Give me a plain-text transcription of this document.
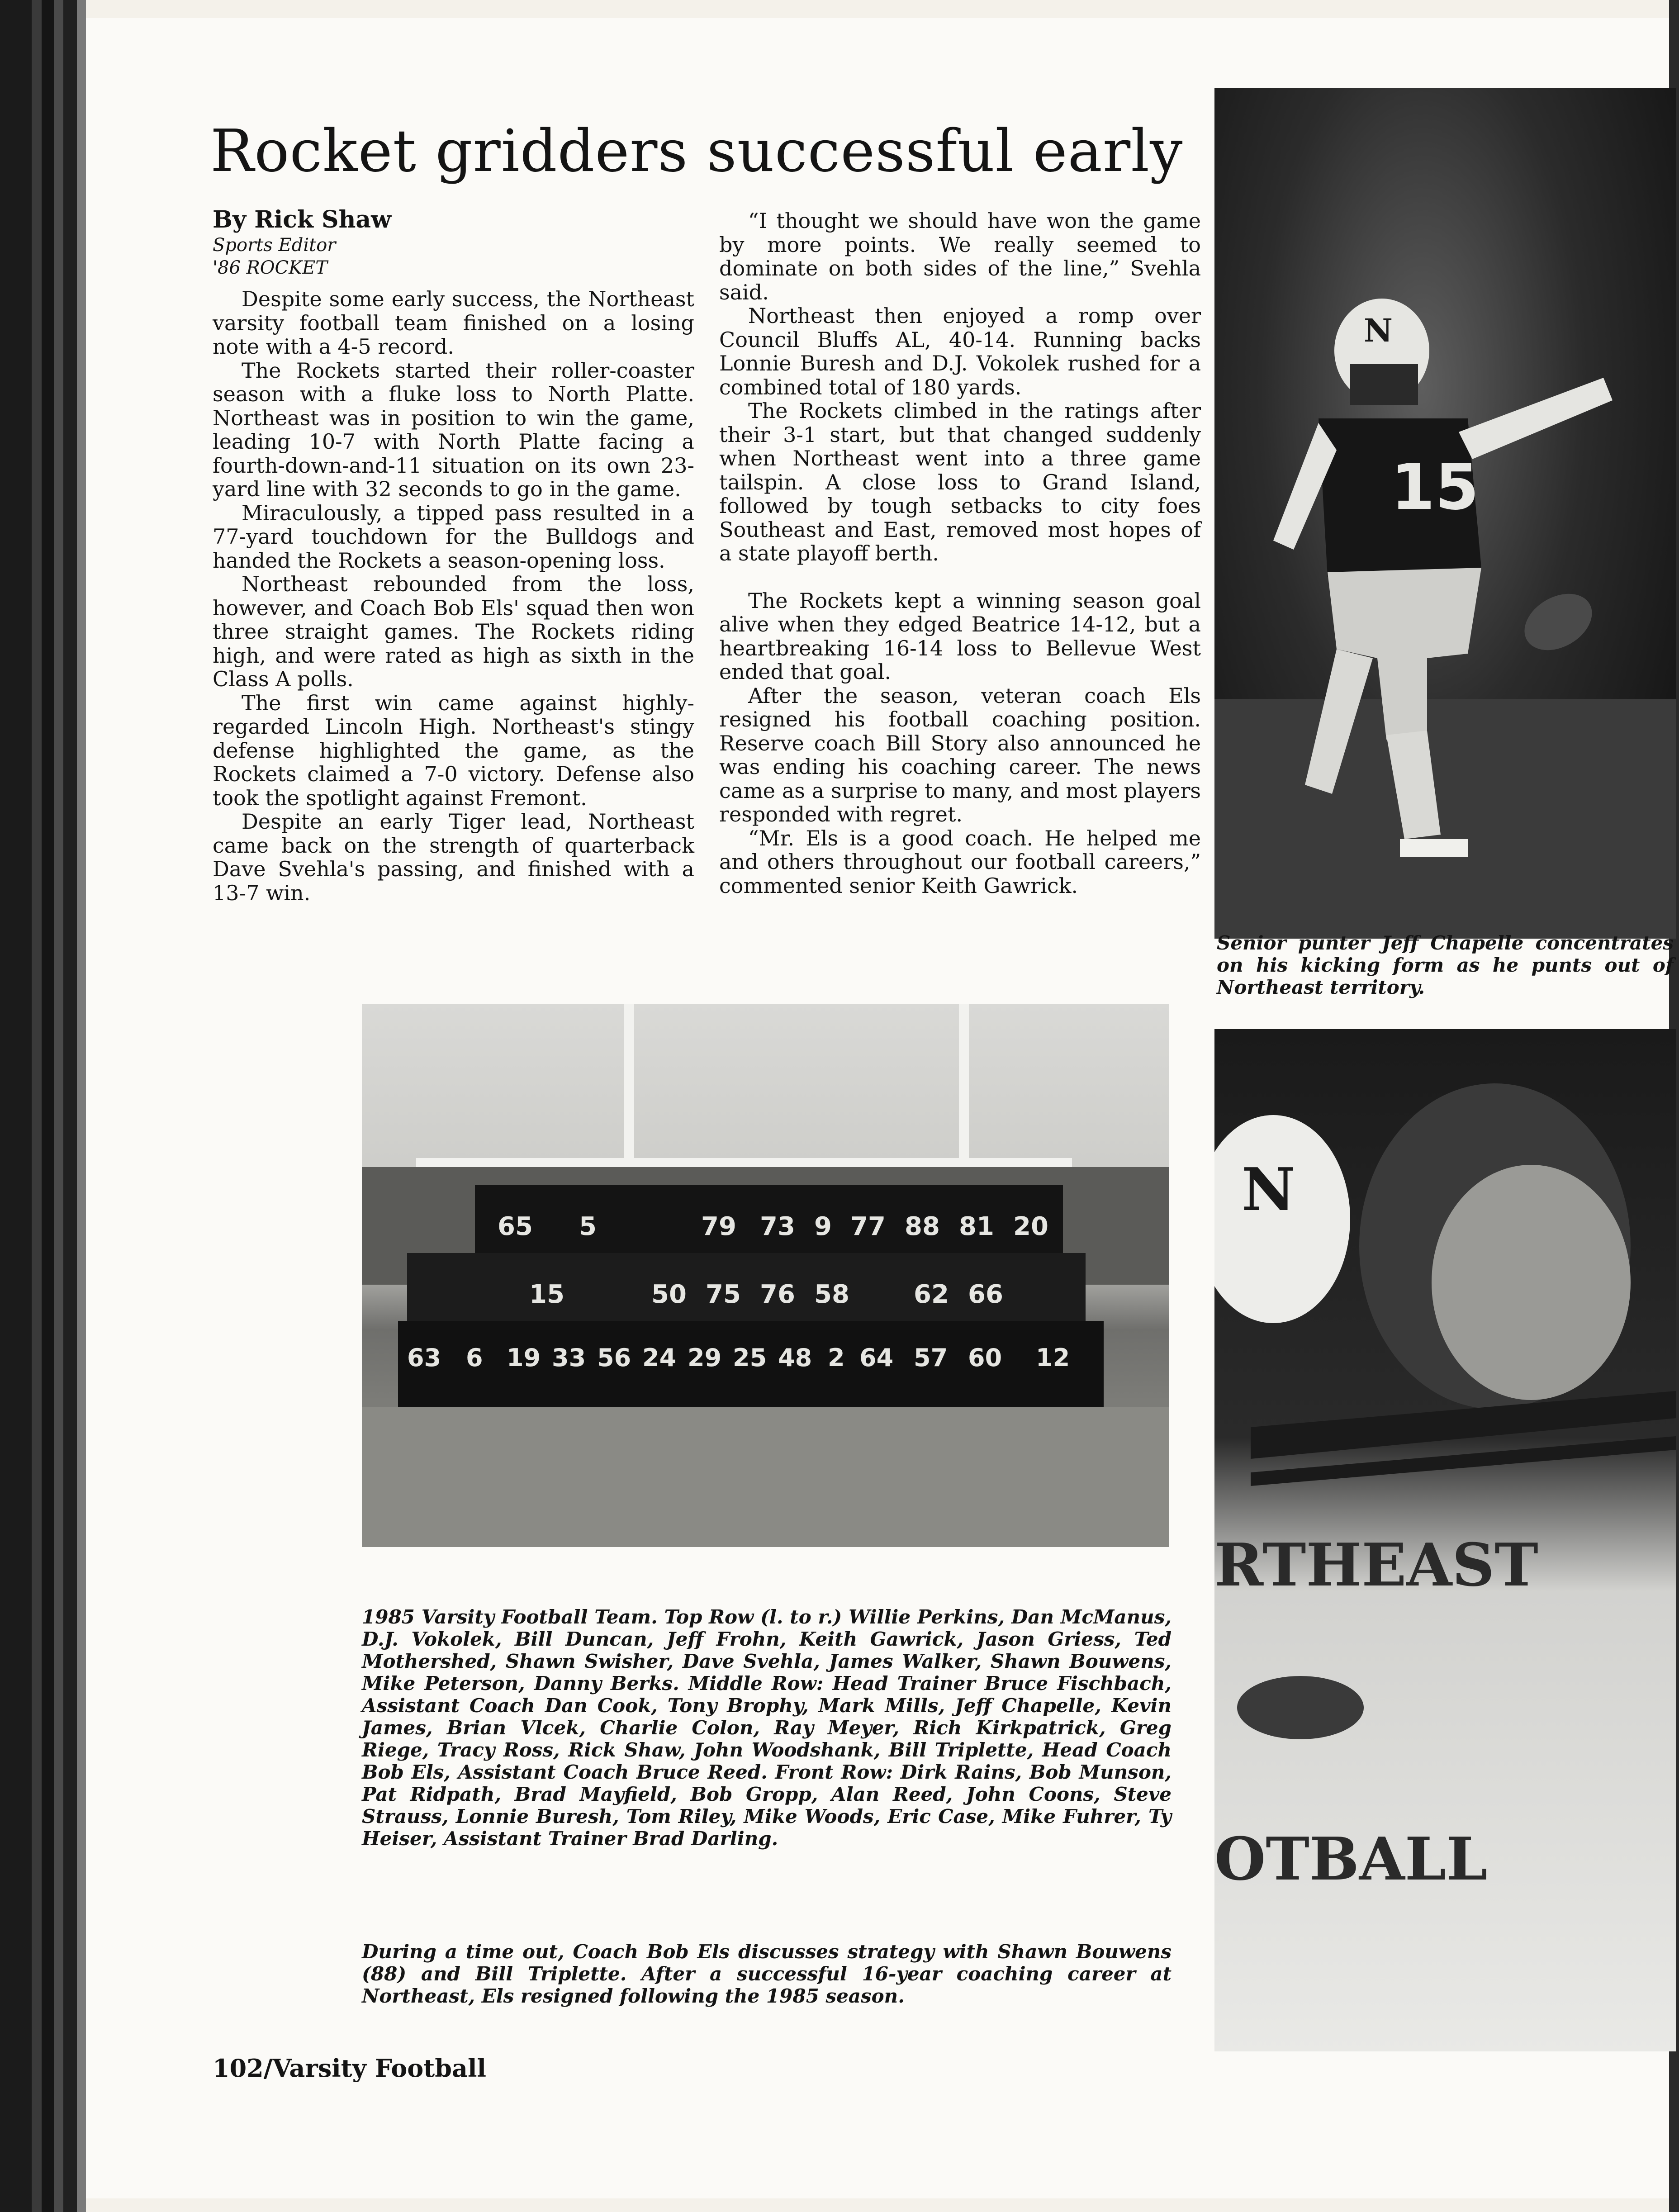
Rocket gridders successful early
By Rick Shaw
Sports Editor
'86 ROCKET

Despite some early success, the Northeast varsity football team finished on a losing note with a 4-5 record.

The Rockets started their roller-coaster season with a fluke loss to North Platte. Northeast was in position to win the game, leading 10-7 with North Platte facing a fourth-down-and-11 situation on its own 23-yard line with 32 seconds to go in the game.

Miraculously, a tipped pass resulted in a 77-yard touchdown for the Bulldogs and handed the Rockets a season-opening loss.

Northeast rebounded from the loss, however, and Coach Bob Els' squad then won three straight games. The Rockets riding high, and were rated as high as sixth in the Class A polls.

The first win came against highly-regarded Lincoln High. Northeast's stingy defense highlighted the game, as the Rockets claimed a 7-0 victory. Defense also took the spotlight against Fremont.

Despite an early Tiger lead, Northeast came back on the strength of quarterback Dave Svehla's passing, and finished with a 13-7 win.

“I thought we should have won the game by more points. We really seemed to dominate on both sides of the line,” Svehla said.

Northeast then enjoyed a romp over Council Bluffs AL, 40-14. Running backs Lonnie Buresh and D.J. Vokolek rushed for a combined total of 180 yards.

The Rockets climbed in the ratings after their 3-1 start, but that changed suddenly when Northeast went into a three game tailspin. A close loss to Grand Island, followed by tough setbacks to city foes Southeast and East, removed most hopes of a state playoff berth.

The Rockets kept a winning season goal alive when they edged Beatrice 14-12, but a heartbreaking 16-14 loss to Bellevue West ended that goal.

After the season, veteran coach Els resigned his football coaching position. Reserve coach Bill Story also announced he was ending his coaching career. The news came as a surprise to many, and most players responded with regret.

“Mr. Els is a good coach. He helped me and others throughout our football careers,” commented senior Keith Gawrick.

N
15
Senior punter Jeff Chapelle concentrates on his kicking form as he punts out of Northeast territory.
65 5	79 73 9 77 88 81 20
15	50 75 76 58	62 66
63 6 19 33 56 24 29 25 48 2 64 57 60 12
1985 Varsity Football Team. Top Row (l. to r.) Willie Perkins, Dan McManus, D.J. Vokolek, Bill Duncan, Jeff Frohn, Keith Gawrick, Jason Griess, Ted Mothershed, Shawn Swisher, Dave Svehla, James Walker, Shawn Bouwens, Mike Peterson, Danny Berks. Middle Row: Head Trainer Bruce Fischbach, Assistant Coach Dan Cook, Tony Brophy, Mark Mills, Jeff Chapelle, Kevin James, Brian Vlcek, Charlie Colon, Ray Meyer, Rich Kirkpatrick, Greg Riege, Tracy Ross, Rick Shaw, John Woodshank, Bill Triplette, Head Coach Bob Els, Assistant Coach Bruce Reed. Front Row: Dirk Rains, Bob Munson, Pat Ridpath, Brad Mayfield, Bob Gropp, Alan Reed, John Coons, Steve Strauss, Lonnie Buresh, Tom Riley, Mike Woods, Eric Case, Mike Fuhrer, Ty Heiser, Assistant Trainer Brad Darling.
N
RTHEAST
OTBALL
During a time out, Coach Bob Els discusses strategy with Shawn Bouwens (88) and Bill Triplette. After a successful 16-year coaching career at Northeast, Els resigned following the 1985 season.
102/Varsity Football
